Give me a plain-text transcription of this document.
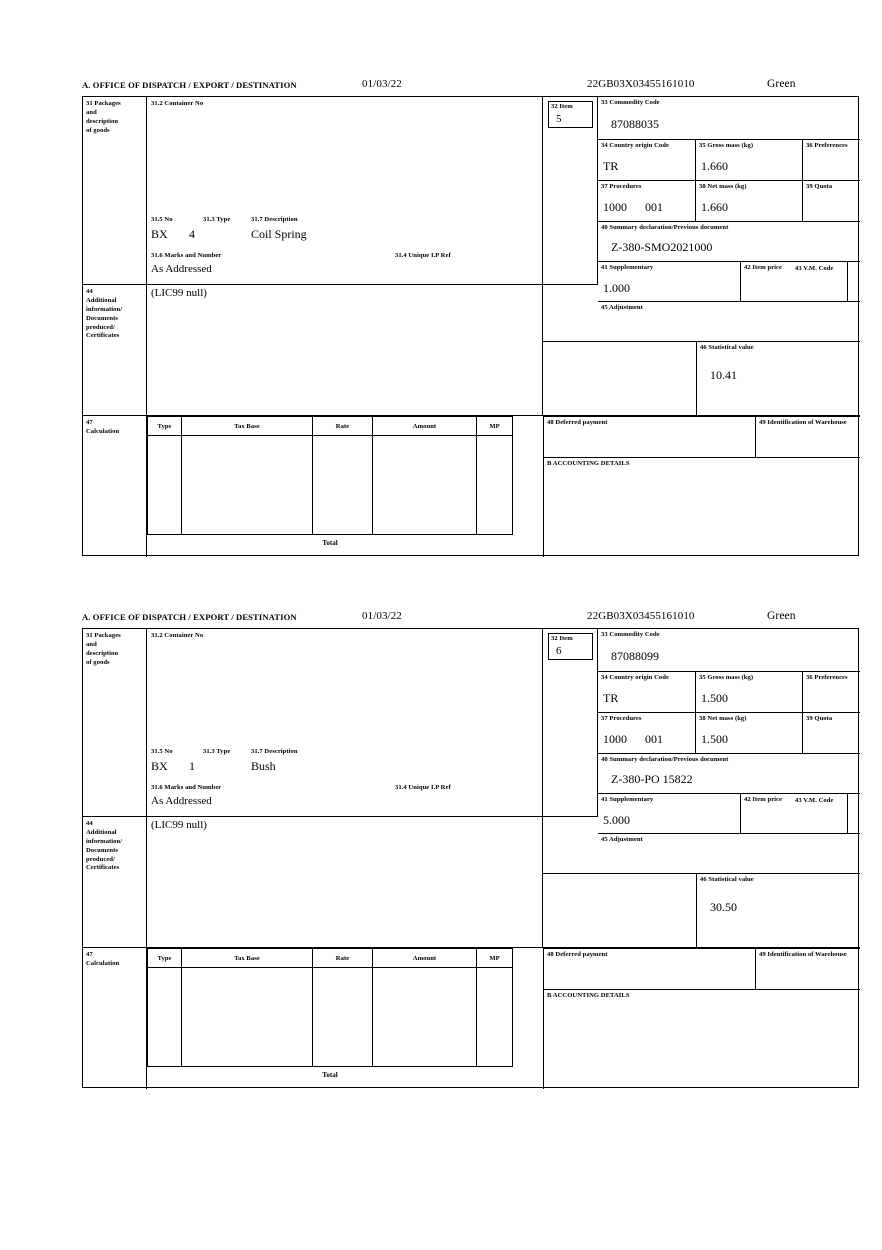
A. OFFICE OF DISPATCH / EXPORT / DESTINATION	01/03/22	22GB03X03455161010	Green
31 Packages
and
description
of goods
31.2 Container No
31.5 No	31.3 Type	31.7 Description
BX 4	Coil Spring
31.6 Marks and Number	31.4 Unique I.P Ref
As Addressed
32 Item
5
33 Commodity Code
87088035
34 Country origin Code
TR
35 Gross mass (kg)
1.660
36 Preferences
37 Procedures
1000      001
38 Net mass (kg)
1.660
39 Quota
40 Summary declaration/Previous document
Z-380-SMO2021000
41 Supplementary
1.000
42 Item price	43 V.M. Code
45 Adjustment
46 Statistical value
10.41
44
Additional
information/
Documents
produced/
Certificates
(LIC99 null)
47
Calculation
Type	Tax Base	Rate	Amount	MP
Total
48 Deferred payment	49 Identification of Warehouse
B ACCOUNTING DETAILS
A. OFFICE OF DISPATCH / EXPORT / DESTINATION	01/03/22	22GB03X03455161010	Green
31 Packages
and
description
of goods
31.2 Container No
31.5 No	31.3 Type	31.7 Description
BX 1	Bush
31.6 Marks and Number	31.4 Unique I.P Ref
As Addressed
32 Item
6
33 Commodity Code
87088099
34 Country origin Code
TR
35 Gross mass (kg)
1.500
36 Preferences
37 Procedures
1000      001
38 Net mass (kg)
1.500
39 Quota
40 Summary declaration/Previous document
Z-380-PO 15822
41 Supplementary
5.000
42 Item price	43 V.M. Code
45 Adjustment
46 Statistical value
30.50
44
Additional
information/
Documents
produced/
Certificates
(LIC99 null)
47
Calculation
Type	Tax Base	Rate	Amount	MP
Total
48 Deferred payment	49 Identification of Warehouse
B ACCOUNTING DETAILS
